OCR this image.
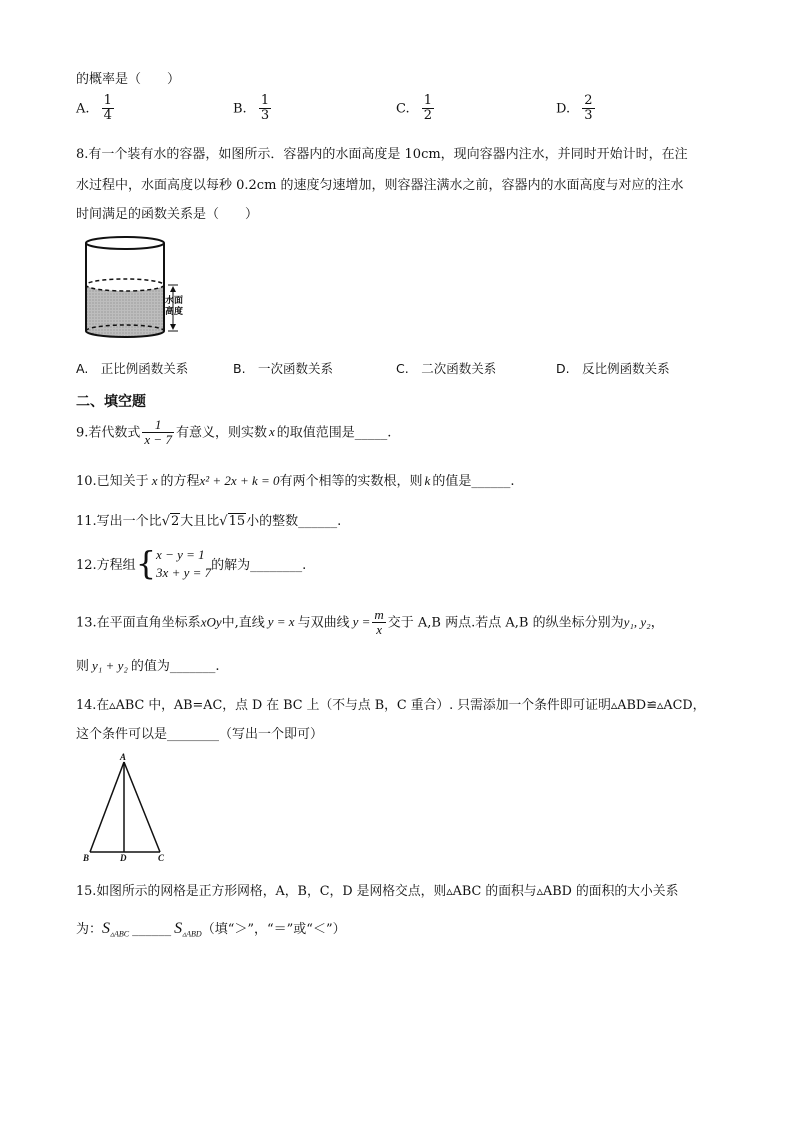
的概率是（　　）
A. $\frac{1}{4}$	B. $\frac{1}{3}$	C. $\frac{1}{2}$	D. $\frac{2}{3}$
8.有一个装有水的容器，如图所示．容器内的水面高度是 10cm，现向容器内注水，并同时开始计时，在注
水过程中，水面高度以每秒 0.2cm 的速度匀速增加，则容器注满水之前，容器内的水面高度与对应的注水
时间满足的函数关系是（　　）
水面
高度
A.　正比例函数关系	B.　一次函数关系	C.　二次函数关系	D.　反比例函数关系
二、填空题
9.若代数式 $\frac{1}{x - 7}$ 有意义，则实数 x 的取值范围是_____.
10.已知关于 x 的方程x² + 2x + k = 0有两个相等的实数根，则 k 的值是______.
11.写出一个比√2大且比√15小的整数______.
12.方程组{ x − y = 1
3x + y = 7 的解为________.
13.在平面直角坐标系xOy中,直线 y = x 与双曲线 $y = \frac{m}{x}$ 交于 A,B 两点.若点 A,B 的纵坐标分别为y₁, y₂，
则 y₁ + y₂ 的值为_______.
14.在▵ABC 中，AB=AC，点 D 在 BC 上（不与点 B，C 重合）. 只需添加一个条件即可证明▵ABD≌▵ACD，
这个条件可以是________（写出一个即可）
A
B	D	C
15.如图所示的网格是正方形网格，A，B，C，D 是网格交点，则▵ABC 的面积与▵ABD 的面积的大小关系
为：$S_{▵ABC}$ ______ $S_{▵ABD}$（填“＞”，“＝”或“＜”）
